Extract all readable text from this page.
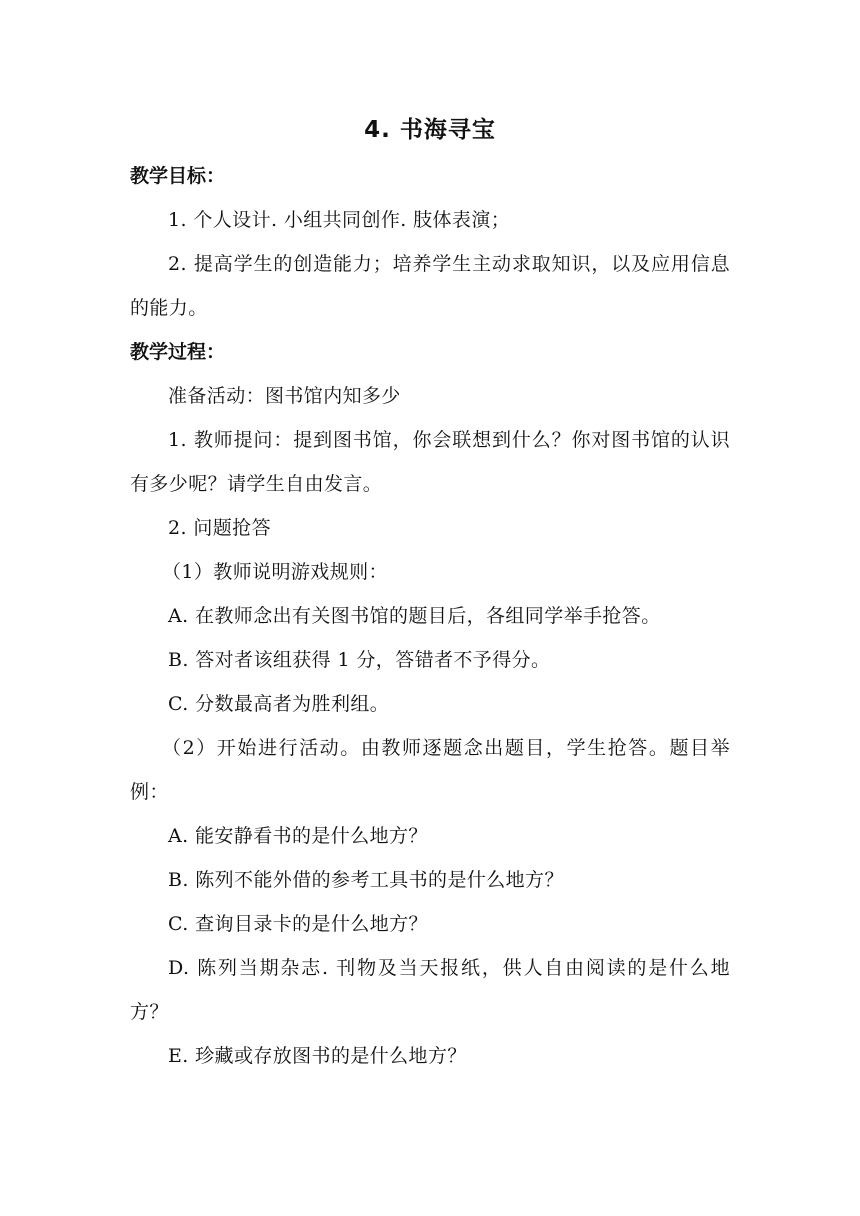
4. 书海寻宝
教学目标：

1. 个人设计. 小组共同创作. 肢体表演；

2. 提高学生的创造能力；培养学生主动求取知识，以及应用信息的能力。

教学过程：

准备活动：图书馆内知多少

1. 教师提问：提到图书馆，你会联想到什么？你对图书馆的认识有多少呢？请学生自由发言。

2. 问题抢答

（1）教师说明游戏规则：

A. 在教师念出有关图书馆的题目后，各组同学举手抢答。

B. 答对者该组获得 1 分，答错者不予得分。

C. 分数最高者为胜利组。

（2）开始进行活动。由教师逐题念出题目，学生抢答。题目举例：

A. 能安静看书的是什么地方？

B. 陈列不能外借的参考工具书的是什么地方？

C. 查询目录卡的是什么地方？

D. 陈列当期杂志. 刊物及当天报纸，供人自由阅读的是什么地方？

E. 珍藏或存放图书的是什么地方？
